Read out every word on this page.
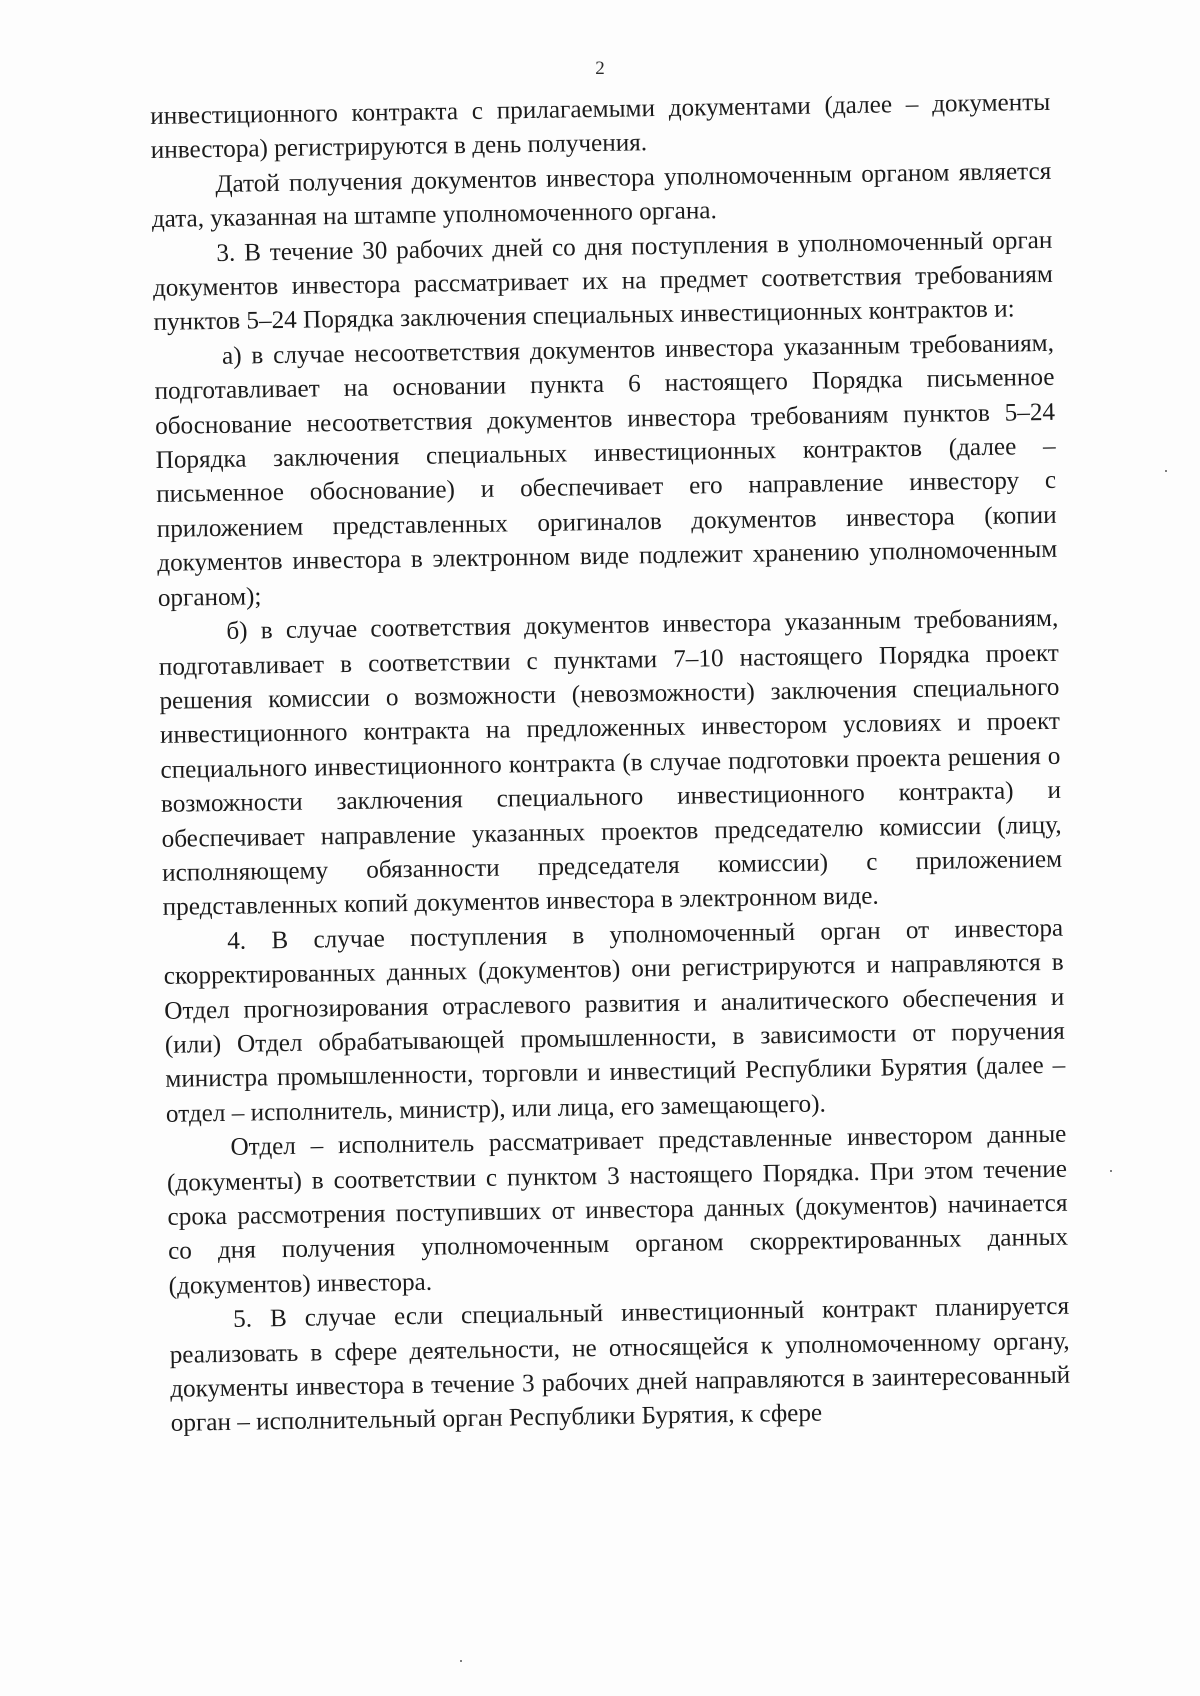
2

инвестиционного контракта с прилагаемыми документами (далее – документы инвестора) регистрируются в день получения.

Датой получения документов инвестора уполномоченным органом является дата, указанная на штампе уполномоченного органа.

3. В течение 30 рабочих дней со дня поступления в уполномоченный орган документов инвестора рассматривает их на предмет соответствия требованиям пунктов 5–24 Порядка заключения специальных инвестиционных контрактов и:

а) в случае несоответствия документов инвестора указанным требованиям, подготавливает на основании пункта 6 настоящего Порядка письменное обоснование несоответствия документов инвестора требованиям пунктов 5–24 Порядка заключения специальных инвестиционных контрактов (далее – письменное обоснование) и обеспечивает его направление инвестору с приложением представленных оригиналов документов инвестора (копии документов инвестора в электронном виде подлежит хранению уполномоченным органом);

б) в случае соответствия документов инвестора указанным требованиям, подготавливает в соответствии с пунктами 7–10 настоящего Порядка проект решения комиссии о возможности (невозможности) заключения специального инвестиционного контракта на предложенных инвестором условиях и проект специального инвестиционного контракта (в случае подготовки проекта решения о возможности заключения специального инвестиционного контракта) и обеспечивает направление указанных проектов председателю комиссии (лицу, исполняющему обязанности председателя комиссии) с приложением представленных копий документов инвестора в электронном виде.

4. В случае поступления в уполномоченный орган от инвестора скорректированных данных (документов) они регистрируются и направляются в Отдел прогнозирования отраслевого развития и аналитического обеспечения и (или) Отдел обрабатывающей промышленности, в зависимости от поручения министра промышленности, торговли и инвестиций Республики Бурятия (далее – отдел – исполнитель, министр), или лица, его замещающего).

Отдел – исполнитель рассматривает представленные инвестором данные (документы) в соответствии с пунктом 3 настоящего Порядка. При этом течение срока рассмотрения поступивших от инвестора данных (документов) начинается со дня получения уполномоченным органом скорректированных данных (документов) инвестора.

5. В случае если специальный инвестиционный контракт планируется реализовать в сфере деятельности, не относящейся к уполномоченному органу, документы инвестора в течение 3 рабочих дней направляются в заинтересованный орган – исполнительный орган Республики Бурятия, к сфере
